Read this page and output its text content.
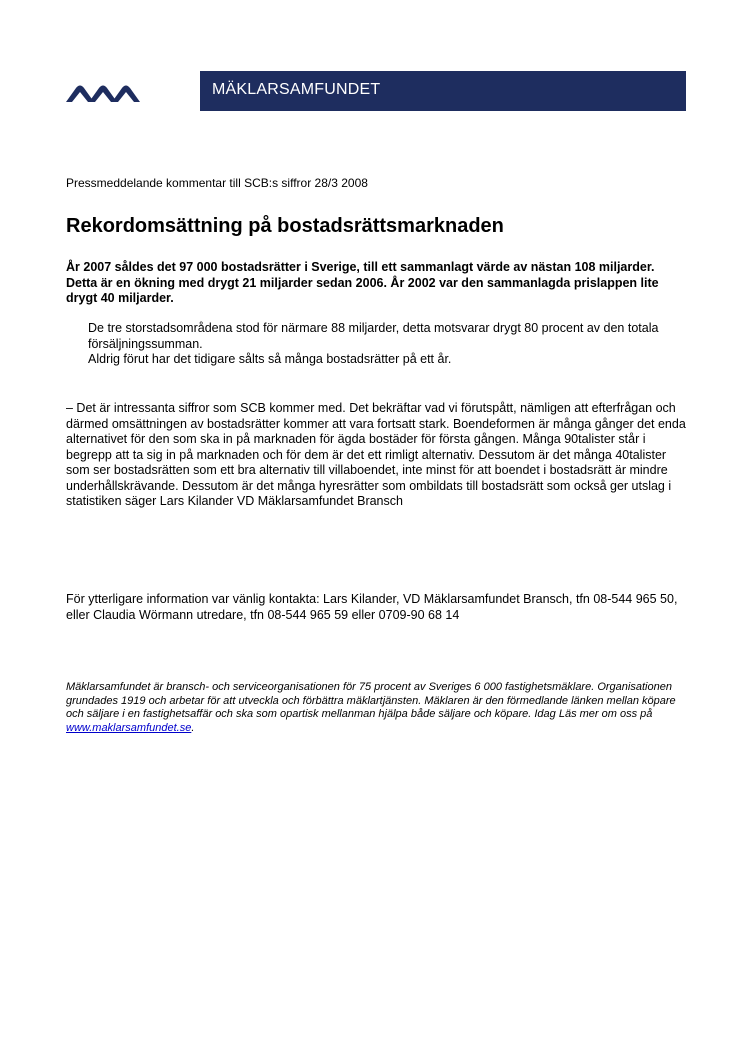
MÄKLARSAMFUNDET
Pressmeddelande kommentar till SCB:s siffror 28/3 2008
Rekordomsättning på bostadsrättsmarknaden

År 2007 såldes det 97 000 bostadsrätter i Sverige, till ett sammanlagt värde av nästan 108 miljarder. Detta är en ökning med drygt 21 miljarder sedan 2006. År 2002 var den sammanlagda prislappen lite drygt 40 miljarder.

De tre storstadsområdena stod för närmare 88 miljarder, detta motsvarar drygt 80 procent av den totala försäljningssumman.

Aldrig förut har det tidigare sålts så många bostadsrätter på ett år.

– Det är intressanta siffror som SCB kommer med. Det bekräftar vad vi förutspått, nämligen att efterfrågan och därmed omsättningen av bostadsrätter kommer att vara fortsatt stark. Boendeformen är många gånger det enda alternativet för den som ska in på marknaden för ägda bostäder för första gången. Många 90talister står i begrepp att ta sig in på marknaden och för dem är det ett rimligt alternativ. Dessutom är det många 40talister som ser bostadsrätten som ett bra alternativ till villaboendet, inte minst för att boendet i bostadsrätt är mindre underhållskrävande. Dessutom är det många hyresrätter som ombildats till bostadsrätt som också ger utslag i statistiken säger Lars Kilander VD Mäklarsamfundet Bransch

För ytterligare information var vänlig kontakta: Lars Kilander, VD Mäklarsamfundet Bransch, tfn 08-544 965 50, eller Claudia Wörmann utredare, tfn 08-544 965 59 eller 0709-90 68 14

Mäklarsamfundet är bransch- och serviceorganisationen för 75 procent av Sveriges 6 000 fastighetsmäklare. Organisationen grundades 1919 och arbetar för att utveckla och förbättra mäklartjänsten. Mäklaren är den förmedlande länken mellan köpare och säljare i en fastighetsaffär och ska som opartisk mellanman hjälpa både säljare och köpare. Idag Läs mer om oss på www.maklarsamfundet.se.
